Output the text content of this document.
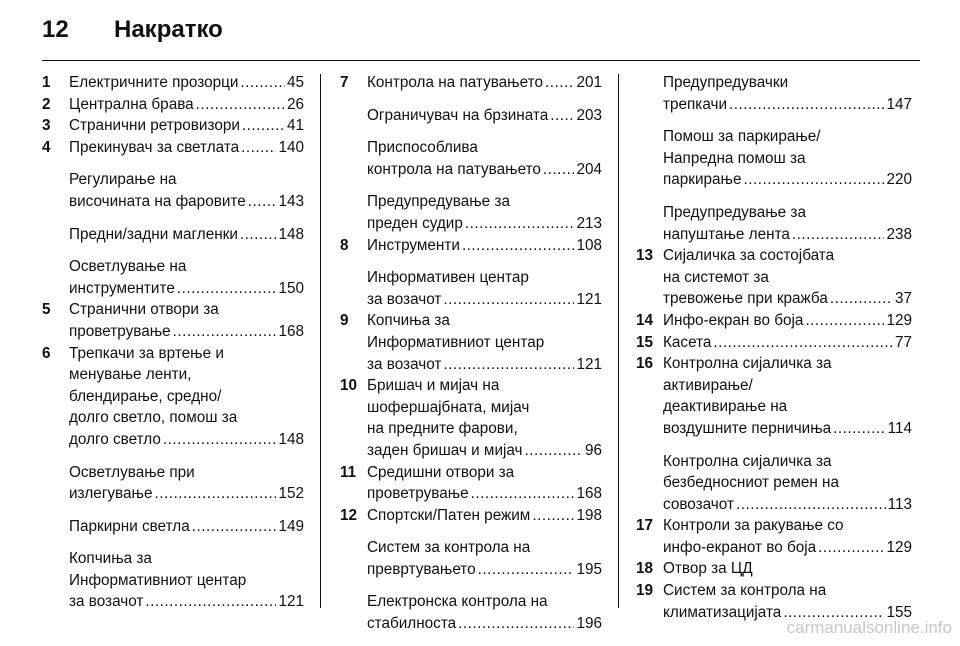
12	Накратко
1	Електричните прозорци .....	45
2	Централна брава .....	26
3	Странични ретровизори .....	41
4	Прекинувач за светлата .....	140
Регулирање на
височината на фаровите ..... 143
Предни/задни магленки .....	148
Осветлување на
инструментите .....	150
5	Странични отвори за
проветрување .....	168
6	Трепкачи за вртење и
менување ленти,
блендирање, средно/
долго светло, помош за
долго светло .....	148
Осветлување при
излегување .....	152
Паркирни светла .....	149
Копчиња за
Информативниот центар
за возачот .....	121
7	Контрола на патувањето ..... 201
Ограничувач на брзината ..... 203
Приспособлива
контрола на патувањето ..... 204
Предупредување за
преден судир .....	213
8	Инструменти .....	108
Информативен центар
за возачот .....	121
9	Копчиња за
Информативниот центар
за возачот .....	121
10 Бришач и мијач на
шофершајбната, мијач
на предните фарови,
заден бришач и мијач .....	96
11 Средишни отвори за
проветрување .....	168
12 Спортски/Патен режим .....	198
Систем за контрола на
превртувањето .....	195
Електронска контрола на
стабилноста .....	196
Предупредувачки
трепкачи .....	147
Помош за паркирање/
Напредна помош за
паркирање .....	220
Предупредување за
напуштање лента .....	238
13 Сијаличка за состојбата
на системот за
тревожење при кражба .....	37
14 Инфо-екран во боја .....	129
15 Касета .....	77
16 Контролна сијаличка за
активирање/
деактивирање на
воздушните перничиња .....	114
Контролна сијаличка за
безбедносниот ремен на
совозачот .....	113
17 Контроли за ракување со
инфо-екранот во боја .....	129
18 Отвор за ЦД
19 Систем за контрола на
климатизацијата .....	155
carmanualsonline.info
